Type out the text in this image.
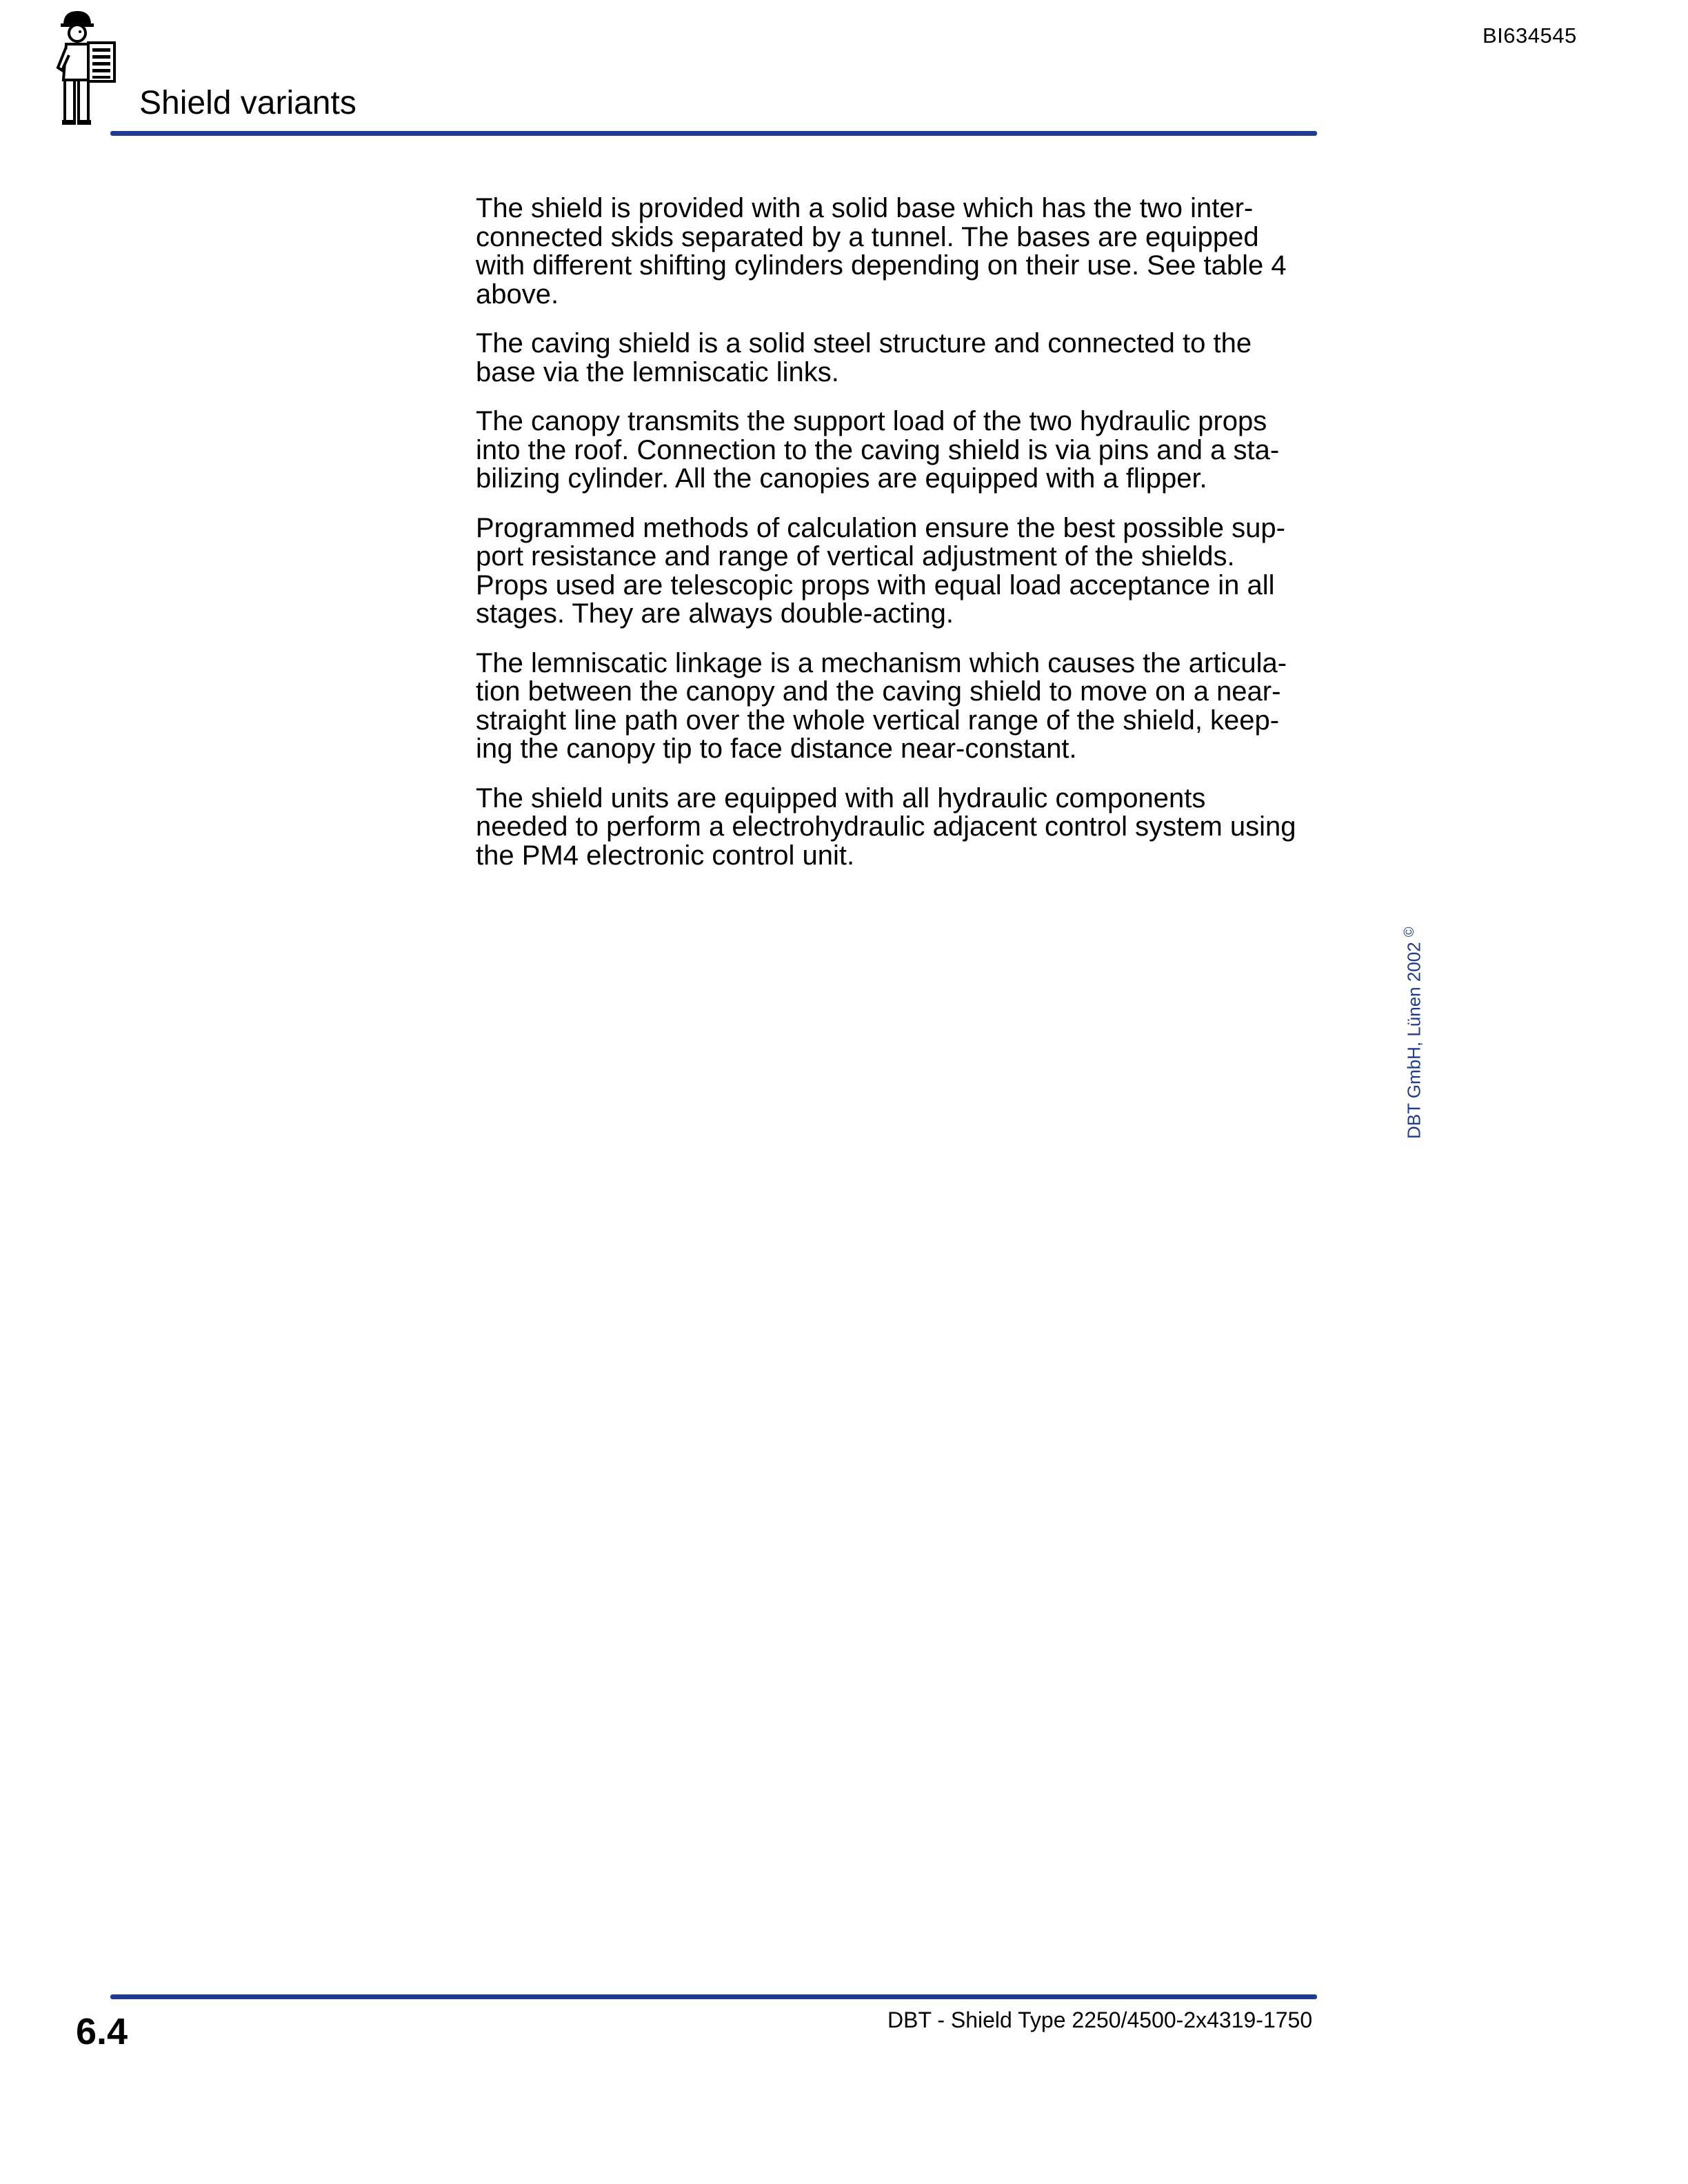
BI634545
Shield variants

The shield is provided with a solid base which has the two inter-
connected skids separated by a tunnel. The bases are equipped
with different shifting cylinders depending on their use. See table 4
above.

The caving shield is a solid steel structure and connected to the
base via the lemniscatic links.

The canopy transmits the support load of the two hydraulic props
into the roof. Connection to the caving shield is via pins and a sta-
bilizing cylinder. All the canopies are equipped with a flipper.

Programmed methods of calculation ensure the best possible sup-
port resistance and range of vertical adjustment of the shields.
Props used are telescopic props with equal load acceptance in all
stages. They are always double-acting.

The lemniscatic linkage is a mechanism which causes the articula-
tion between the canopy and the caving shield to move on a near-
straight line path over the whole vertical range of the shield, keep-
ing the canopy tip to face distance near-constant.

The shield units are equipped with all hydraulic components
needed to perform a electrohydraulic adjacent control system using
the PM4 electronic control unit.

DBT GmbH, Lünen 2002 ©
6.4	DBT - Shield Type 2250/4500-2x4319-1750
